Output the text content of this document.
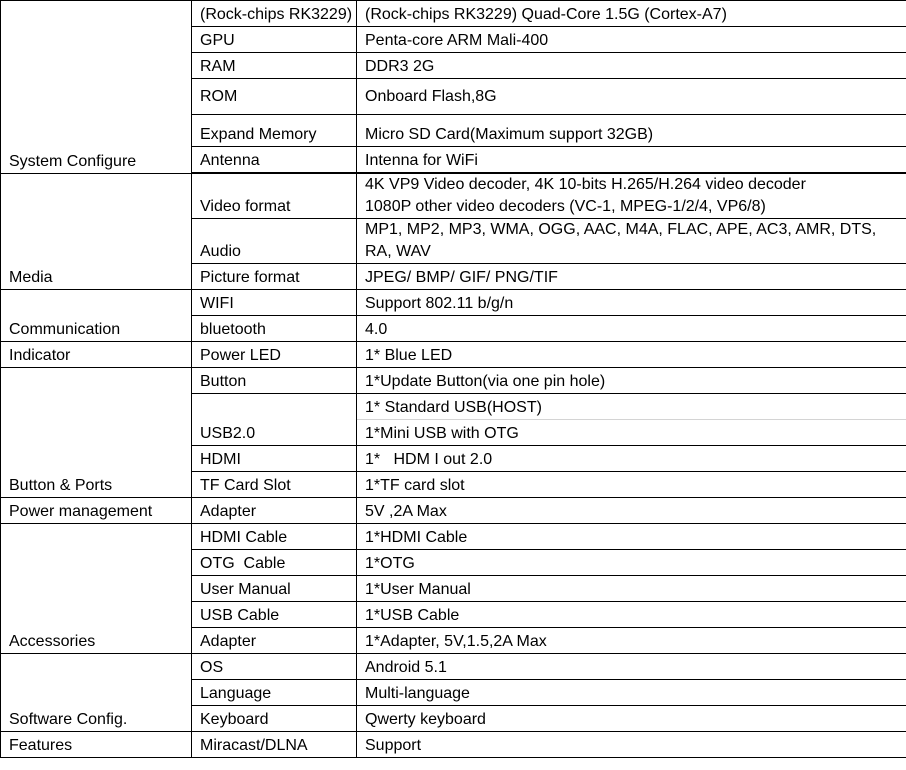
System Configure	(Rock-chips RK3229)	(Rock-chips RK3229) Quad-Core 1.5G (Cortex-A7)
	GPU	Penta-core ARM Mali-400
	RAM	DDR3 2G
	ROM	Onboard Flash,8G
	Expand Memory	Micro SD Card(Maximum support 32GB)
	Antenna	Intenna for WiFi

Media	Video format	4K VP9 Video decoder, 4K 10-bits H.265/H.264 video decoder
1080P other video decoders (VC-1, MPEG-1/2/4, VP6/8)

	Audio	MP1, MP2, MP3, WMA, OGG, AAC, M4A, FLAC, APE, AC3, AMR, DTS,
RA, WAV

	Picture format	JPEG/ BMP/ GIF/ PNG/TIF
Communication	WIFI	Support 802.11 b/g/n
	bluetooth	4.0
Indicator	Power LED	1* Blue LED
Button & Ports	Button	1*Update Button(via one pin hole)
	USB2.0	1* Standard USB(HOST)
		1*Mini USB with OTG
	HDMI	1*   HDM I out 2.0
	TF Card Slot	1*TF card slot
Power management	Adapter	5V ,2A Max
Accessories	HDMI Cable	1*HDMI Cable
	OTG  Cable	1*OTG
	User Manual	1*User Manual
	USB Cable	1*USB Cable
	Adapter	1*Adapter, 5V,1.5,2A Max
Software Config.	OS	Android 5.1
	Language	Multi-language
	Keyboard	Qwerty keyboard
Features	Miracast/DLNA	Support
